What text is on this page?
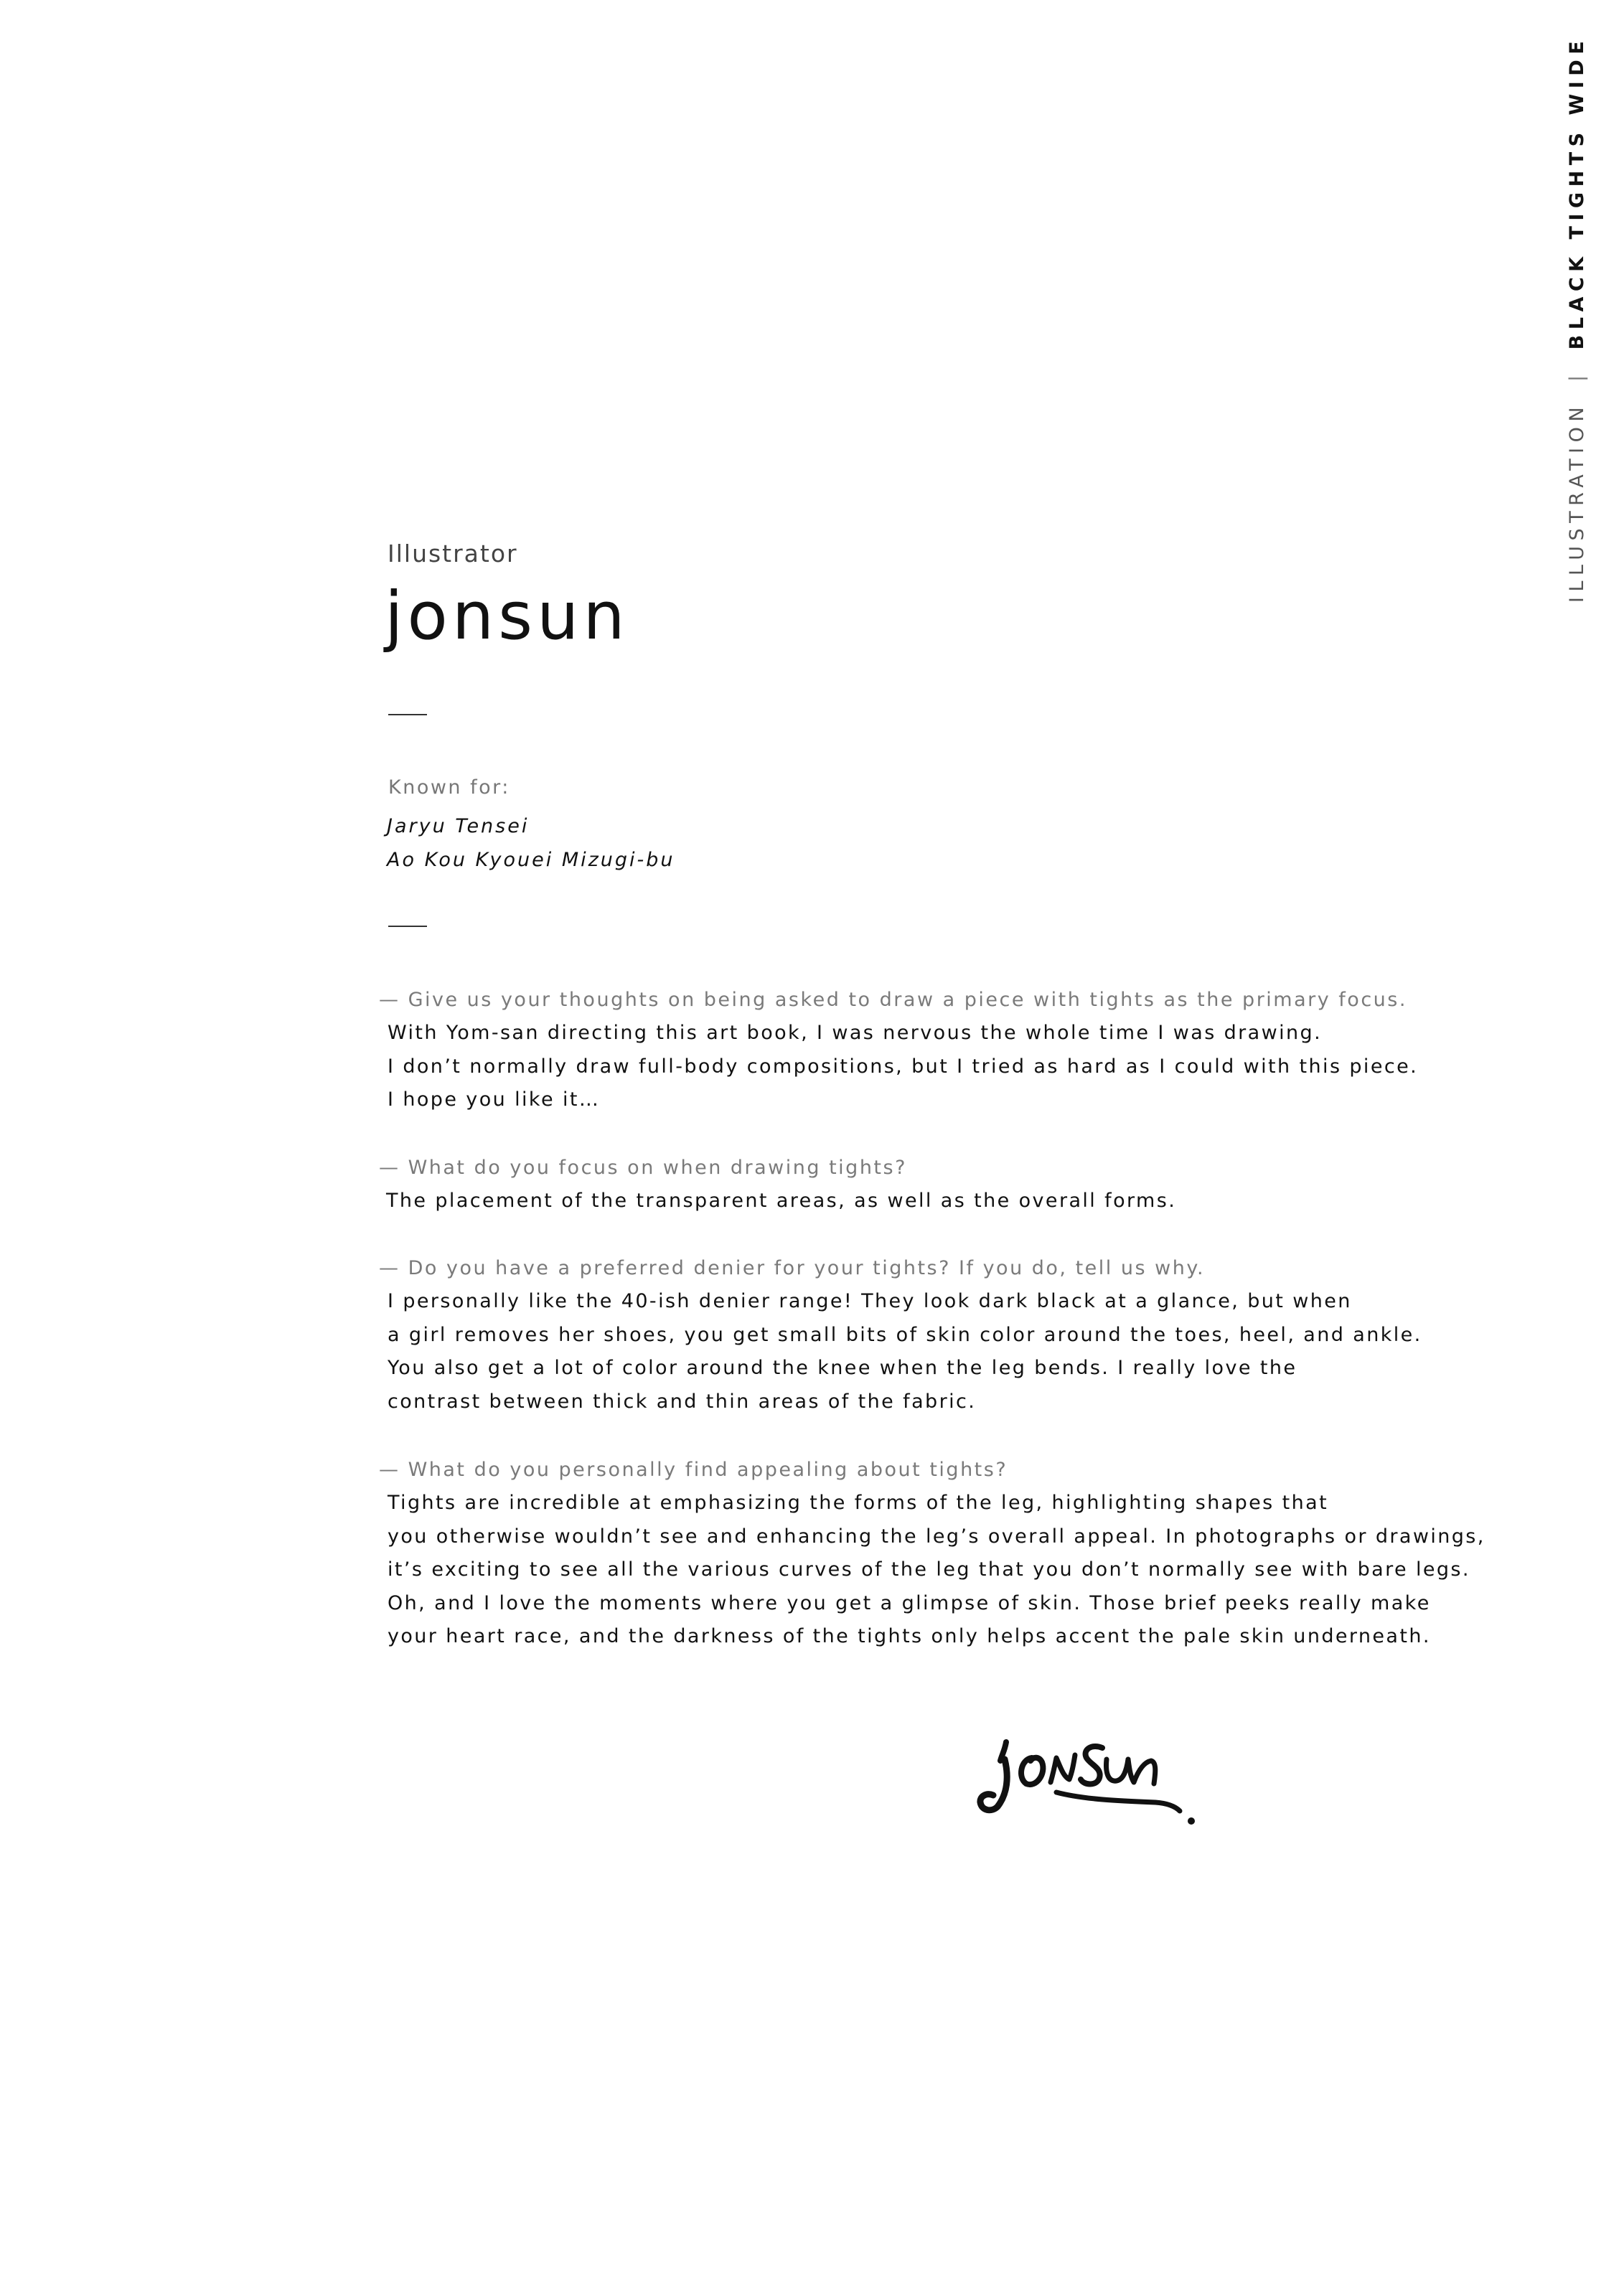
ILLUSTRATION|BLACK TIGHTS WIDE
Illustrator
jonsun
Known for:
Jaryu Tensei
Ao Kou Kyouei Mizugi-bu
— Give us your thoughts on being asked to draw a piece with tights as the primary focus.
With Yom-san directing this art book, I was nervous the whole time I was drawing.
I don’t normally draw full-body compositions, but I tried as hard as I could with this piece.
I hope you like it…
— What do you focus on when drawing tights?
The placement of the transparent areas, as well as the overall forms.
— Do you have a preferred denier for your tights? If you do, tell us why.
I personally like the 40-ish denier range! They look dark black at a glance, but when
a girl removes her shoes, you get small bits of skin color around the toes, heel, and ankle.
You also get a lot of color around the knee when the leg bends. I really love the
contrast between thick and thin areas of the fabric.
— What do you personally find appealing about tights?
Tights are incredible at emphasizing the forms of the leg, highlighting shapes that
you otherwise wouldn’t see and enhancing the leg’s overall appeal. In photographs or drawings,
it’s exciting to see all the various curves of the leg that you don’t normally see with bare legs.
Oh, and I love the moments where you get a glimpse of skin. Those brief peeks really make
your heart race, and the darkness of the tights only helps accent the pale skin underneath.
